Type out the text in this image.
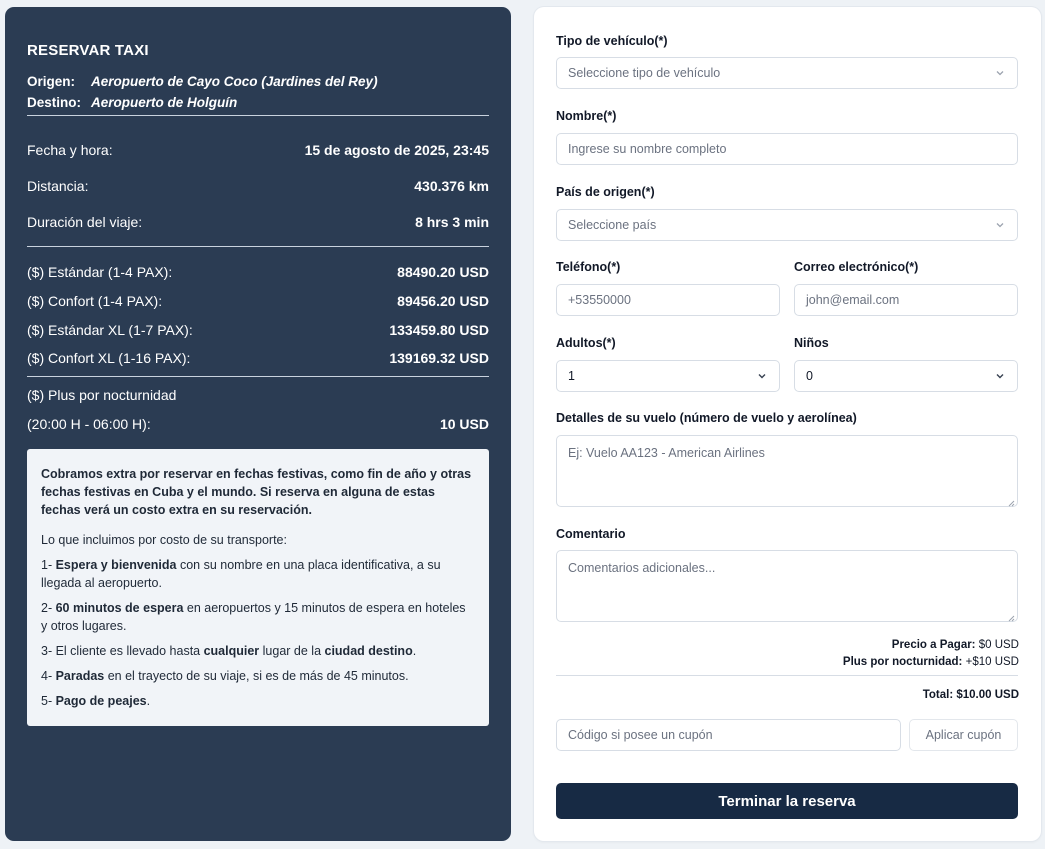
RESERVAR TAXI
Origen:	Aeropuerto de Cayo Coco (Jardines del Rey)
Destino: Aeropuerto de Holguín
Fecha y hora:	15 de agosto de 2025, 23:45
Distancia:	430.376 km
Duración del viaje:	8 hrs 3 min
($) Estándar (1-4 PAX):	88490.20 USD
($) Confort (1-4 PAX):	89456.20 USD
($) Estándar XL (1-7 PAX):	133459.80 USD
($) Confort XL (1-16 PAX):	139169.32 USD
($) Plus por nocturnidad
(20:00 H - 06:00 H):	10 USD
Cobramos extra por reservar en fechas festivas, como fin de año y otras fechas festivas en Cuba y el mundo. Si reserva en alguna de estas fechas verá un costo extra en su reservación.
Lo que incluimos por costo de su transporte:
1- Espera y bienvenida con su nombre en una placa identificativa, a su llegada al aeropuerto.
2- 60 minutos de espera en aeropuertos y 15 minutos de espera en hoteles y otros lugares.
3- El cliente es llevado hasta cualquier lugar de la ciudad destino.
4- Paradas en el trayecto de su viaje, si es de más de 45 minutos.
5- Pago de peajes.
Tipo de vehículo(*)
Seleccione tipo de vehículo
Nombre(*)
Ingrese su nombre completo
País de origen(*)
Seleccione país
Teléfono(*)
+53550000
Correo electrónico(*)
john@email.com
Adultos(*)
1
Niños
0
Detalles de su vuelo (número de vuelo y aerolínea)
Ej: Vuelo AA123 - American Airlines
Comentario
Comentarios adicionales...
Precio a Pagar: $0 USD
Plus por nocturnidad: +$10 USD
Total: $10.00 USD
Código si posee un cupón	Aplicar cupón
Terminar la reserva
